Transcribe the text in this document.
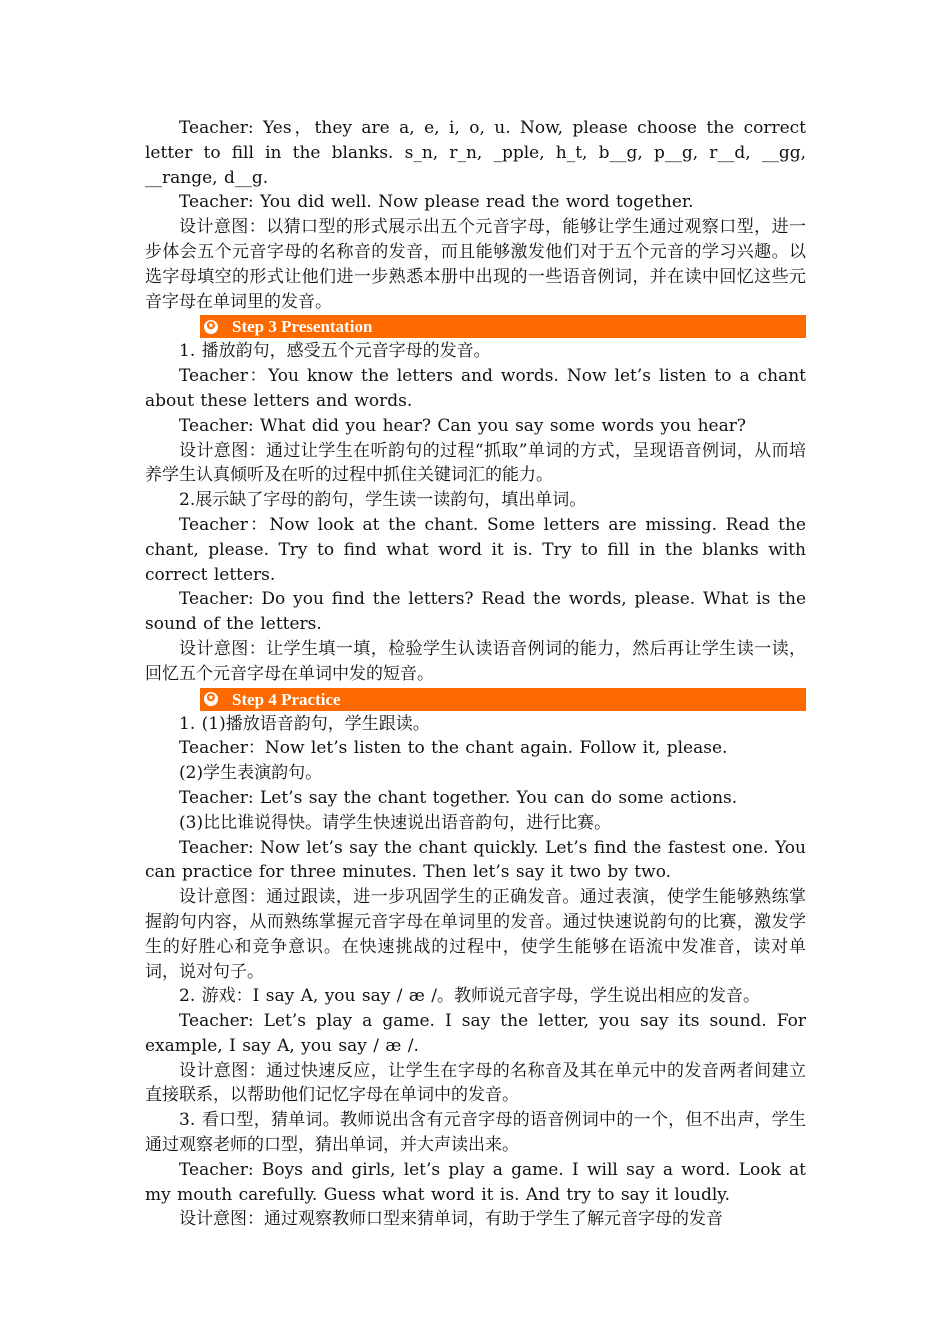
Teacher: Yes，they are a, e, i, o, u. Now, please choose the correct letter to fill in the blanks. s_n, r_n, _pple, h_t, b__g, p__g, r__d, __gg, __range, d__g.

Teacher: You did well. Now please read the word together.

设计意图：以猜口型的形式展示出五个元音字母，能够让学生通过观察口型，进一步体会五个元音字母的名称音的发音，而且能够激发他们对于五个元音的学习兴趣。以选字母填空的形式让他们进一步熟悉本册中出现的一些语音例词，并在读中回忆这些元音字母在单词里的发音。

✪ Step 3 Presentation

1. 播放韵句，感受五个元音字母的发音。

Teacher：You know the letters and words. Now let’s listen to a chant about these letters and words.

Teacher: What did you hear? Can you say some words you hear?

设计意图：通过让学生在听韵句的过程“抓取”单词的方式，呈现语音例词，从而培养学生认真倾听及在听的过程中抓住关键词汇的能力。

2.展示缺了字母的韵句，学生读一读韵句，填出单词。

Teacher：Now look at the chant. Some letters are missing. Read the chant, please. Try to find what word it is. Try to fill in the blanks with correct letters.

Teacher: Do you find the letters? Read the words, please. What is the sound of the letters.

设计意图：让学生填一填，检验学生认读语音例词的能力，然后再让学生读一读，回忆五个元音字母在单词中发的短音。

✪ Step 4 Practice

1. (1)播放语音韵句，学生跟读。

Teacher：Now let’s listen to the chant again. Follow it, please.

(2)学生表演韵句。

Teacher: Let’s say the chant together. You can do some actions.

(3)比比谁说得快。请学生快速说出语音韵句，进行比赛。

Teacher: Now let’s say the chant quickly. Let’s find the fastest one. You can practice for three minutes. Then let’s say it two by two.

设计意图：通过跟读，进一步巩固学生的正确发音。通过表演，使学生能够熟练掌握韵句内容，从而熟练掌握元音字母在单词里的发音。通过快速说韵句的比赛，激发学生的好胜心和竞争意识。在快速挑战的过程中，使学生能够在语流中发准音，读对单词，说对句子。

2. 游戏：I say A, you say / æ /。教师说元音字母，学生说出相应的发音。

Teacher: Let’s play a game. I say the letter, you say its sound. For example, I say A, you say / æ /.

设计意图：通过快速反应，让学生在字母的名称音及其在单元中的发音两者间建立直接联系，以帮助他们记忆字母在单词中的发音。

3. 看口型，猜单词。教师说出含有元音字母的语音例词中的一个，但不出声，学生通过观察老师的口型，猜出单词，并大声读出来。

Teacher: Boys and girls, let’s play a game. I will say a word. Look at my mouth carefully. Guess what word it is. And try to say it loudly.

设计意图：通过观察教师口型来猜单词，有助于学生了解元音字母的发音
